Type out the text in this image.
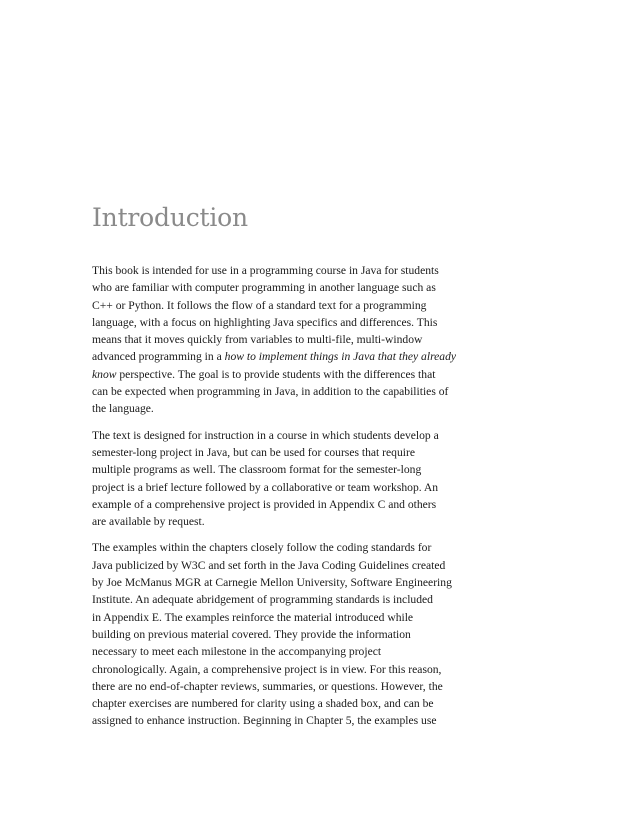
Introduction

This book is intended for use in a programming course in Java for students
who are familiar with computer programming in another language such as
C++ or Python. It follows the flow of a standard text for a programming
language, with a focus on highlighting Java specifics and differences. This
means that it moves quickly from variables to multi-file, multi-window
advanced programming in a how to implement things in Java that they already
know perspective. The goal is to provide students with the differences that
can be expected when programming in Java, in addition to the capabilities of
the language.

The text is designed for instruction in a course in which students develop a
semester-long project in Java, but can be used for courses that require
multiple programs as well. The classroom format for the semester-long
project is a brief lecture followed by a collaborative or team workshop. An
example of a comprehensive project is provided in Appendix C and others
are available by request.

The examples within the chapters closely follow the coding standards for
Java publicized by W3C and set forth in the Java Coding Guidelines created
by Joe McManus MGR at Carnegie Mellon University, Software Engineering
Institute. An adequate abridgement of programming standards is included
in Appendix E. The examples reinforce the material introduced while
building on previous material covered. They provide the information
necessary to meet each milestone in the accompanying project
chronologically. Again, a comprehensive project is in view. For this reason,
there are no end-of-chapter reviews, summaries, or questions. However, the
chapter exercises are numbered for clarity using a shaded box, and can be
assigned to enhance instruction. Beginning in Chapter 5, the examples use
